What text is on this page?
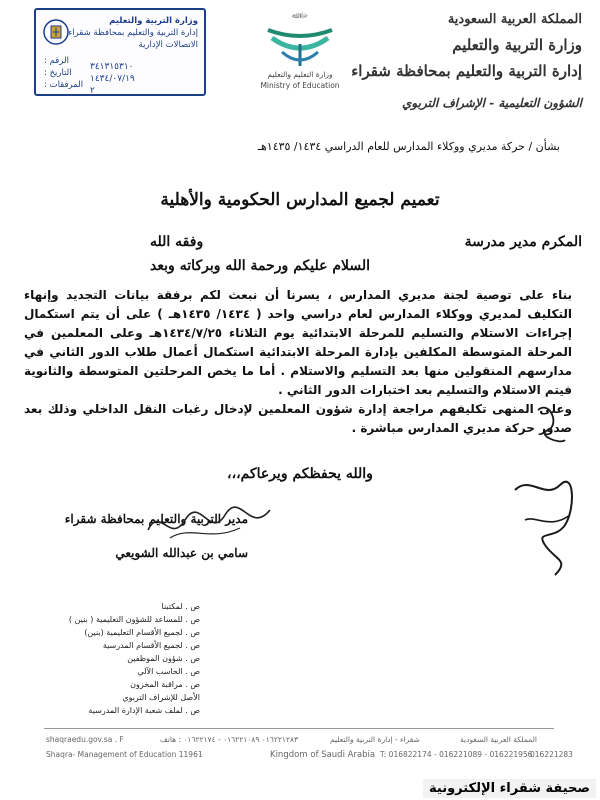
وزارة التربية والتعليم
إدارة التربية والتعليم بمحافظة شقراء
الاتصالات الإدارية
الرقم :
٣٤١٣١٥٣١٠
التاريخ :
١٤٣٤/٠٧/١٩
المرفقات :
٢
ﷻ ﷲ
وزارة التعليم والتعليم
Ministry of Education
المملكة العربية السعودية
وزارة التربية والتعليم
إدارة التربية والتعليم بمحافظة شقراء
الشؤون التعليمية - الإشراف التربوي
بشأن / حركة مديري ووكلاء المدارس للعام الدراسي ١٤٣٤/ ١٤٣٥هـ
تعميم لجميع المدارس الحكومية والأهلية
المكرم مدير مدرسة
وفقه الله
السلام عليكم ورحمة الله وبركاته
وبعد
بناء على توصية لجنة مديري المدارس ، يسرنا أن نبعث لكم برفقة بيانات التجديد وإنهاء التكليف لمديري ووكلاء المدارس لعام دراسي واحد ( ١٤٣٤/ ١٤٣٥هـ ) على أن يتم استكمال إجراءات الاستلام والتسليم للمرحلة الابتدائية يوم الثلاثاء ١٤٣٤/٧/٢٥هـ وعلى المعلمين في المرحلة المتوسطة المكلفين بإدارة المرحلة الابتدائية استكمال أعمال طلاب الدور الثاني في مدارسهم المنقولين منها بعد التسليم والاستلام . أما ما يخص المرحلتين المتوسطة والثانوية فيتم الاستلام والتسليم بعد اختبارات الدور الثاني .
وعلى المنهى تكليفهم مراجعة إدارة شؤون المعلمين لإدخال رغبات النقل الداخلي وذلك بعد صدور حركة مديري المدارس مباشرة .
والله يحفظكم ويرعاكم،،،
مدير التربية والتعليم بمحافظة شقراء
سامي بن عبدالله الشويعي
ص . لمكتبنا
ص . للمساعد للشؤون التعليمية ( بنين )
ص . لجميع الأقسام التعليمية (بنين)
ص . لجميع الأقسام المدرسية
ص . شؤون الموظفين
ص . الحاسب الآلي
ص . مراقبة المخزون
الأصل للإشراف التربوي
ص . لملف شعبة الإدارة المدرسية
shaqraedu.gov.sa . F	٠١٦٢٢١٢٨٣ ٠١٦٢٢١٠٨٩ - ٠١٦٢٢١٧٤ : هاتف	شقراء - إدارة التربية والتعليم	المملكة العربية السعودية
Shaqra- Management of Education 11961	Kingdom of Saudi Arabia T: 016822174 - 016221089 - 016221956
016221283
صحيفة شقراء الإلكترونية
